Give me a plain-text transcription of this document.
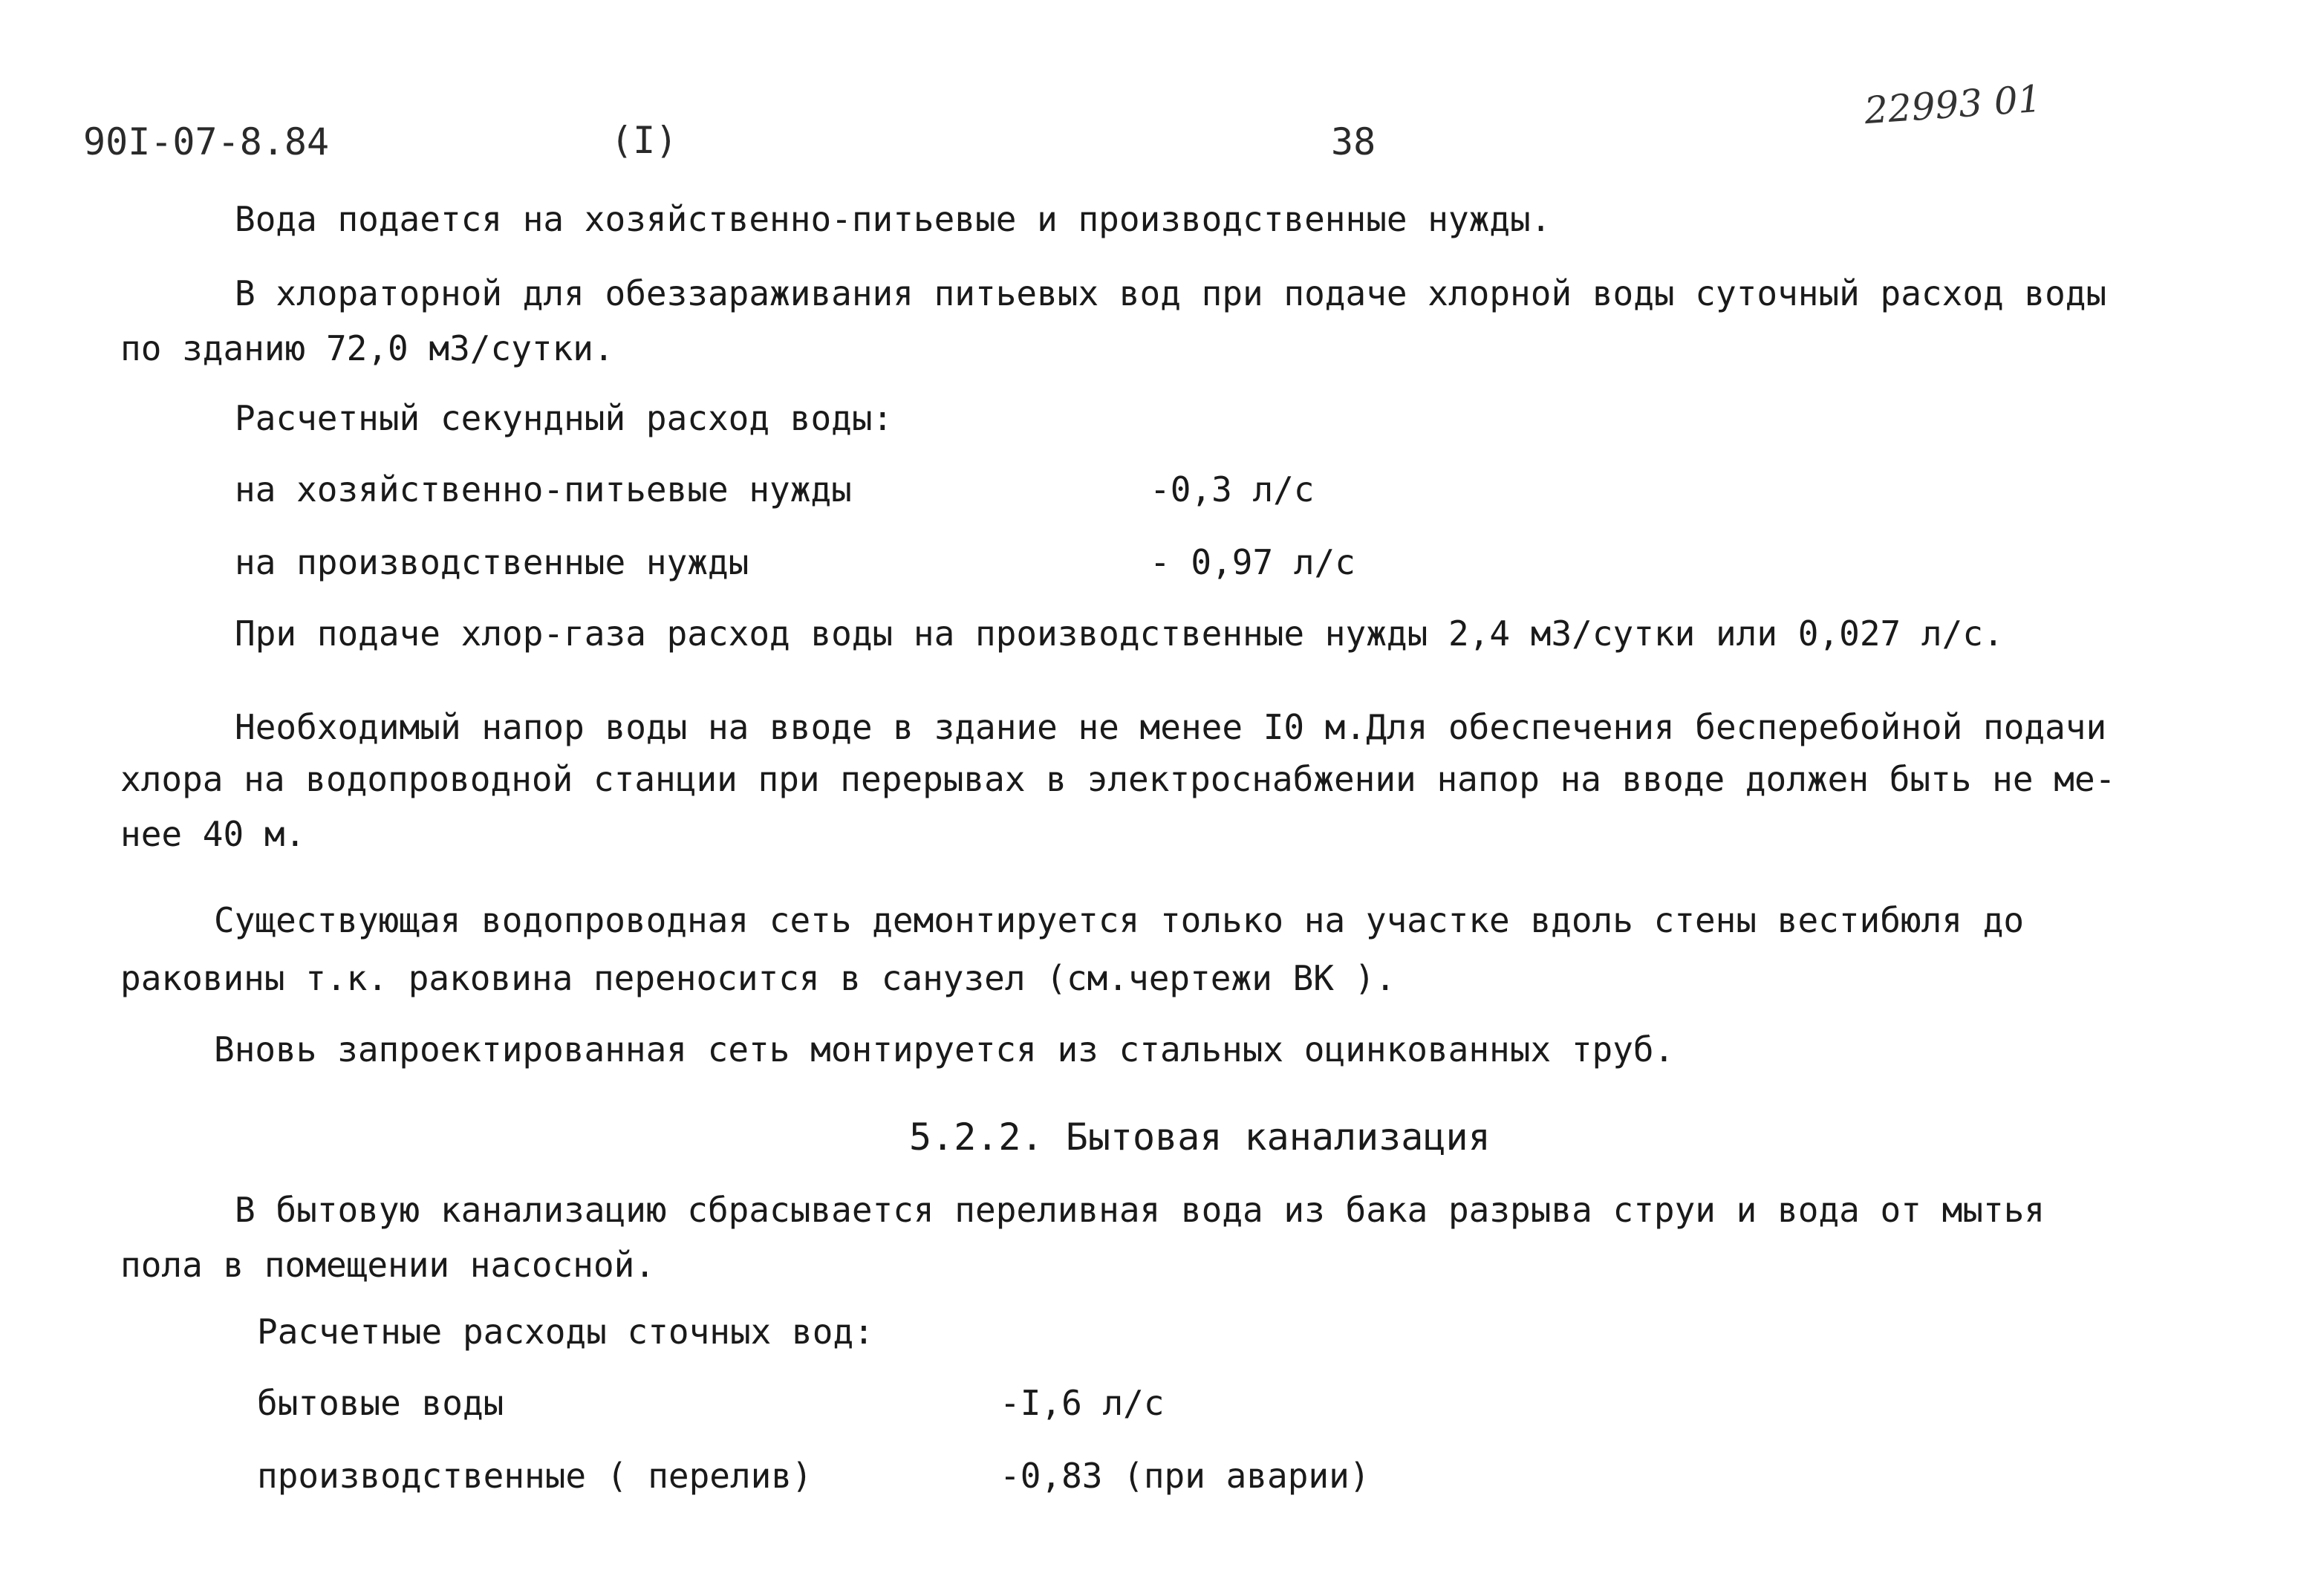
90I-07-8.84	(I)	38
22993 01
Вода подается на хозяйственно-питьевые и производственные нужды.
В хлораторной для обеззараживания питьевых вод при подаче хлорной воды суточный расход воды
по зданию 72,0 м3/сутки.
Расчетный секундный расход воды:
на хозяйственно-питьевые нужды	-0,3 л/с
на производственные нужды	- 0,97 л/с
При подаче хлор-газа расход воды на производственные нужды 2,4 м3/сутки или 0,027 л/с.
Необходимый напор воды на вводе в здание не менее I0 м.Для обеспечения бесперебойной подачи
хлора на водопроводной станции при перерывах в электроснабжении напор на вводе должен быть не ме-
нее 40 м.
Существующая водопроводная сеть демонтируется только на участке вдоль стены вестибюля до
раковины т.к. раковина переносится в санузел (см.чертежи ВК ).
Вновь запроектированная сеть монтируется из стальных оцинкованных труб.
5.2.2. Бытовая канализация
В бытовую канализацию сбрасывается переливная вода из бака разрыва струи и вода от мытья
пола в помещении насосной.
Расчетные расходы сточных вод:
бытовые воды	-I,6 л/с
производственные ( перелив)	-0,83 (при аварии)
